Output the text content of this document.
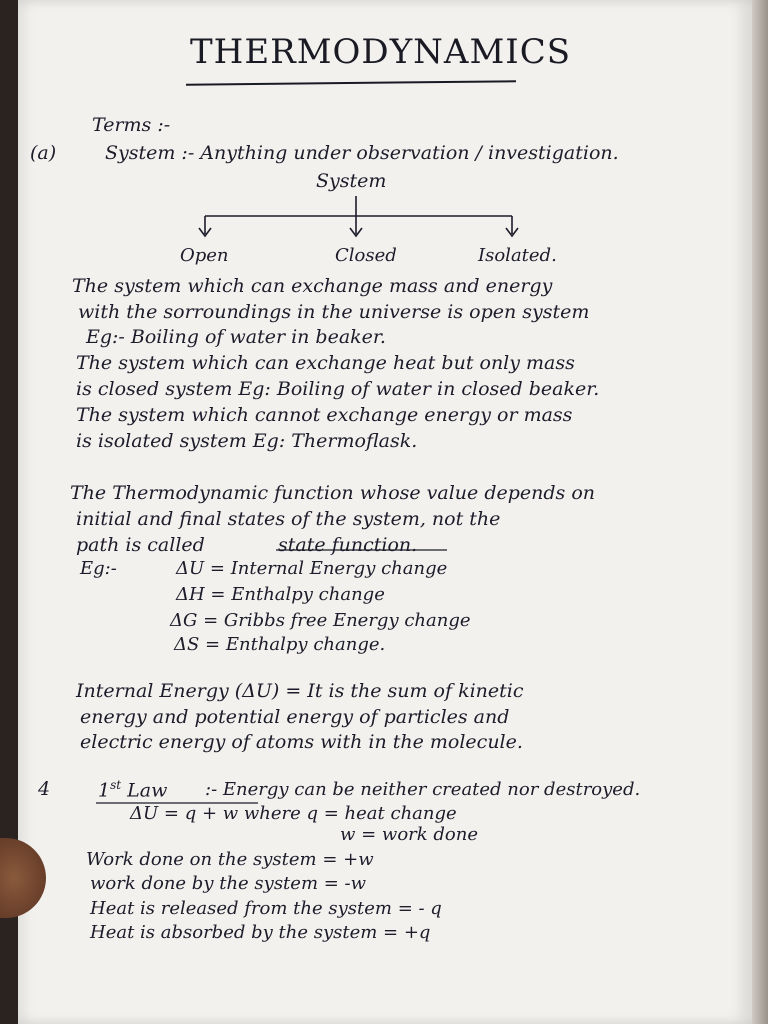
THERMODYNAMICS
Terms :-
(a)	System :- Anything under observation / investigation.
System
Open	Closed	Isolated.
The system which can exchange mass and energy
with the sorroundings in the universe is open system
Eg:- Boiling of water in beaker.
The system which can exchange heat but only mass
is closed system Eg: Boiling of water in closed beaker.
The system which cannot exchange energy or mass
is isolated system Eg: Thermoflask.
The Thermodynamic function whose value depends on
initial and final states of the system, not the
path is called	state function.
Eg:-	ΔU = Internal Energy change
ΔH = Enthalpy change
ΔG = Gribbs free Energy change
ΔS = Enthalpy change.
Internal Energy (ΔU) = It is the sum of kinetic
energy and potential energy of particles and
electric energy of atoms with in the molecule.
4	1st Law :- Energy can be neither created nor destroyed.
ΔU = q + w where q = heat change
w = work done
Work done on the system = +w
work done by the system = -w
Heat is released from the system = - q
Heat is absorbed by the system = +q
